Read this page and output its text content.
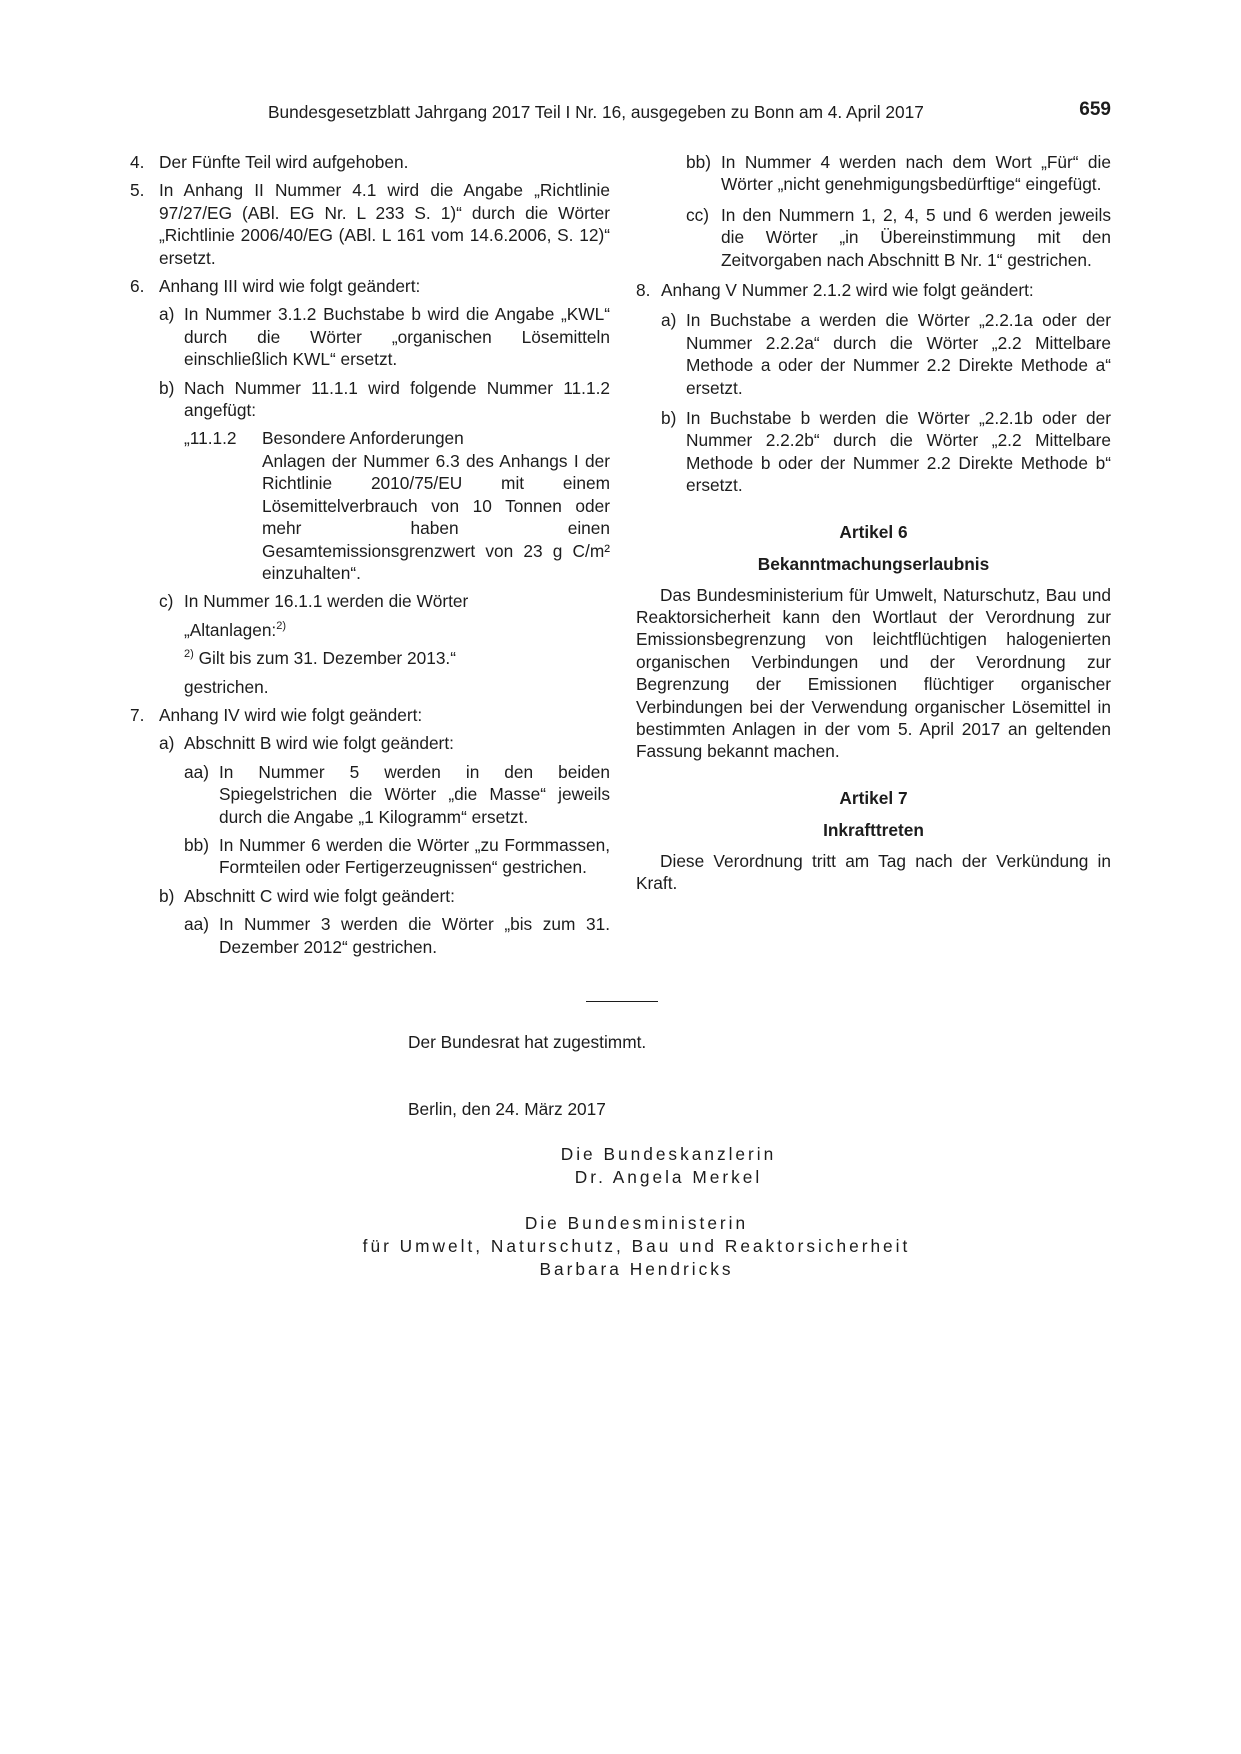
Bundesgesetzblatt Jahrgang 2017 Teil I Nr. 16, ausgegeben zu Bonn am 4. April 2017	659
4. Der Fünfte Teil wird aufgehoben.
5. In Anhang II Nummer 4.1 wird die Angabe „Richtlinie 97/27/EG (ABl. EG Nr. L 233 S. 1)“ durch die Wörter „Richtlinie 2006/40/EG (ABl. L 161 vom 14.6.2006, S. 12)“ ersetzt.
6. Anhang III wird wie folgt geändert:
a) In Nummer 3.1.2 Buchstabe b wird die Angabe „KWL“ durch die Wörter „organischen Lösemitteln einschließlich KWL“ ersetzt.
b) Nach Nummer 11.1.1 wird folgende Nummer 11.1.2 angefügt:
„11.1.2	Besondere Anforderungen
Anlagen der Nummer 6.3 des Anhangs I der Richtlinie 2010/75/EU mit einem Lösemittelverbrauch von 10 Tonnen oder mehr haben einen Gesamtemissionsgrenzwert von 23 g C/m² einzuhalten“.
c) In Nummer 16.1.1 werden die Wörter
„Altanlagen:$^{2)}$
$^{2)}$ Gilt bis zum 31. Dezember 2013.“
gestrichen.
7. Anhang IV wird wie folgt geändert:
a) Abschnitt B wird wie folgt geändert:
aa) In Nummer 5 werden in den beiden Spiegelstrichen die Wörter „die Masse“ jeweils durch die Angabe „1 Kilogramm“ ersetzt.
bb) In Nummer 6 werden die Wörter „zu Formmassen, Formteilen oder Fertigerzeugnissen“ gestrichen.
b) Abschnitt C wird wie folgt geändert:
aa) In Nummer 3 werden die Wörter „bis zum 31. Dezember 2012“ gestrichen.
bb) In Nummer 4 werden nach dem Wort „Für“ die Wörter „nicht genehmigungsbedürftige“ eingefügt.
cc) In den Nummern 1, 2, 4, 5 und 6 werden jeweils die Wörter „in Übereinstimmung mit den Zeitvorgaben nach Abschnitt B Nr. 1“ gestrichen.
8. Anhang V Nummer 2.1.2 wird wie folgt geändert:
a) In Buchstabe a werden die Wörter „2.2.1a oder der Nummer 2.2.2a“ durch die Wörter „2.2 Mittelbare Methode a oder der Nummer 2.2 Direkte Methode a“ ersetzt.
b) In Buchstabe b werden die Wörter „2.2.1b oder der Nummer 2.2.2b“ durch die Wörter „2.2 Mittelbare Methode b oder der Nummer 2.2 Direkte Methode b“ ersetzt.
Artikel 6
Bekanntmachungserlaubnis
Das Bundesministerium für Umwelt, Naturschutz, Bau und Reaktorsicherheit kann den Wortlaut der Verordnung zur Emissionsbegrenzung von leichtflüchtigen halogenierten organischen Verbindungen und der Verordnung zur Begrenzung der Emissionen flüchtiger organischer Verbindungen bei der Verwendung organischer Lösemittel in bestimmten Anlagen in der vom 5. April 2017 an geltenden Fassung bekannt machen.
Artikel 7
Inkrafttreten
Diese Verordnung tritt am Tag nach der Verkündung in Kraft.
Der Bundesrat hat zugestimmt.
Berlin, den 24. März 2017
Die Bundeskanzlerin
Dr. Angela Merkel
Die Bundesministerin
für Umwelt, Naturschutz, Bau und Reaktorsicherheit
Barbara Hendricks
